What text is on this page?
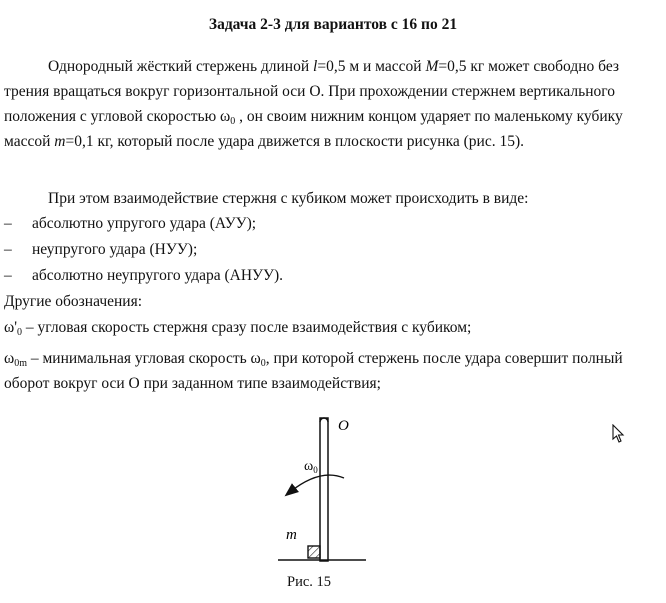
Задача 2-3 для вариантов с 16 по 21

Однородный жёсткий стержень длиной l=0,5 м и массой M=0,5 кг может свободно без трения вращаться вокруг горизонтальной оси О. При прохождении стержнем вертикального положения с угловой скоростью $\omega_0$ , он своим нижним концом ударяет по маленькому кубику массой m=0,1 кг, который после удара движется в плоскости рисунка (рис. 15).

При этом взаимодействие стержня с кубиком может происходить в виде:

– абсолютно упругого удара (АУУ);
– неупругого удара (НУУ);
– абсолютно неупругого удара (АНУУ).

Другие обозначения:

$\omega'_0$ – угловая скорость стержня сразу после взаимодействия с кубиком;

$\omega_{0m}$ – минимальная угловая скорость $\omega_0$, при которой стержень после удара совершит полный оборот вокруг оси О при заданном типе взаимодействия;

O
$\omega_0$
m
Рис. 15
